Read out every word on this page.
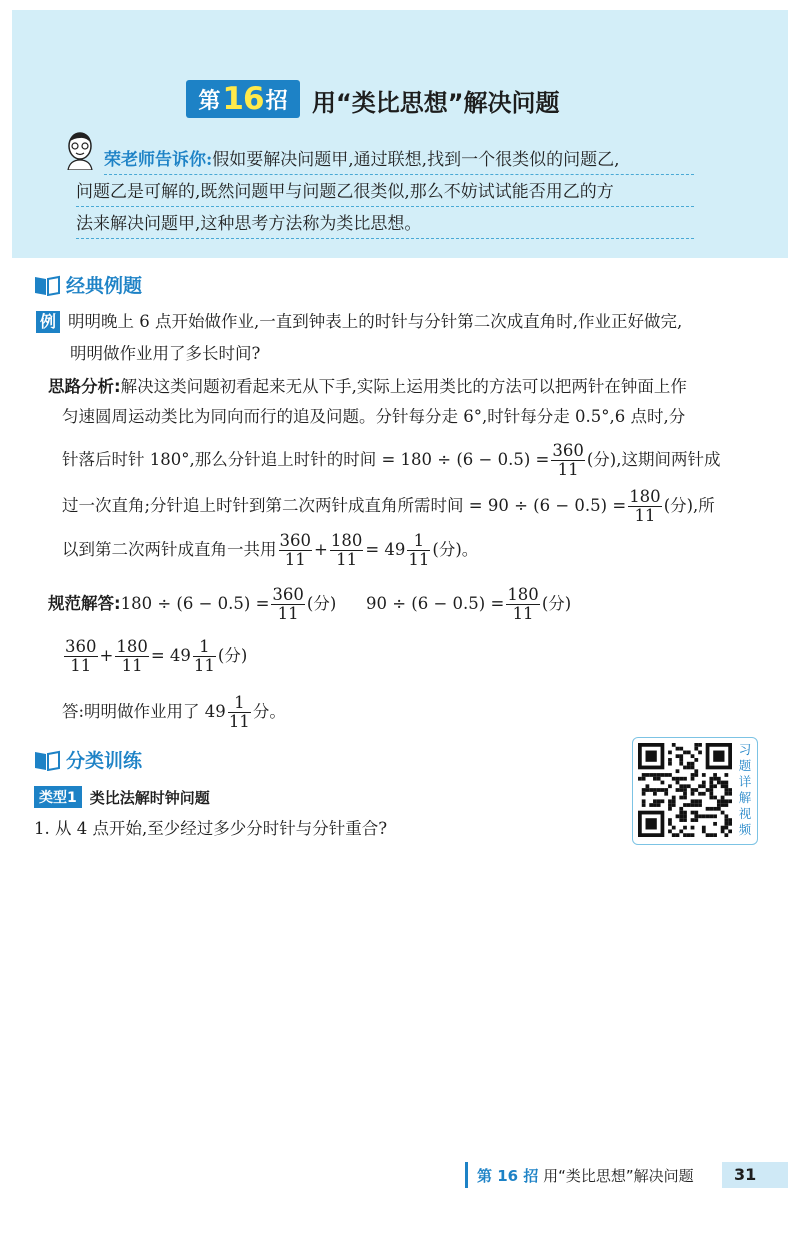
第 16 招 用“类比思想”解决问题
荣老师告诉你:假如要解决问题甲,通过联想,找到一个很类似的问题乙,
问题乙是可解的,既然问题甲与问题乙很类似,那么不妨试试能否用乙的方
法来解决问题甲,这种思考方法称为类比思想。
经典例题
例 明明晚上 6 点开始做作业,一直到钟表上的时针与分针第二次成直角时,作业正好做完,
明明做作业用了多长时间?
思路分析:解决这类问题初看起来无从下手,实际上运用类比的方法可以把两针在钟面上作
匀速圆周运动类比为同向而行的追及问题。分针每分走 6°,时针每分走 0.5°,6 点时,分
针落后时针 180°,那么分针追上时针的时间 = $180 \div (6 - 0.5) = \frac{360}{11}$ (分),这期间两针成
过一次直角;分针追上时针到第二次两针成直角所需时间 = $90 \div (6 - 0.5) = \frac{180}{11}$ (分),所
以到第二次两针成直角一共用 $\frac{360}{11} + \frac{180}{11} = 49 \frac{1}{11}$ (分)。
规范解答:180 ÷ $(6 - 0.5) = \frac{360}{11}$ (分) $90 \div (6 - 0.5) = \frac{180}{11}$ (分)
$\frac{360}{11} + \frac{180}{11} = 49 \frac{1}{11}$ (分)
答:明明做作业用了 $49 \frac{1}{11}$ 分。
分类训练
类型1 类比法解时钟问题
1. 从 4 点开始,至少经过多少分时针与分针重合?
习题详解视频
第 16 招 用“类比思想”解决问题	31
